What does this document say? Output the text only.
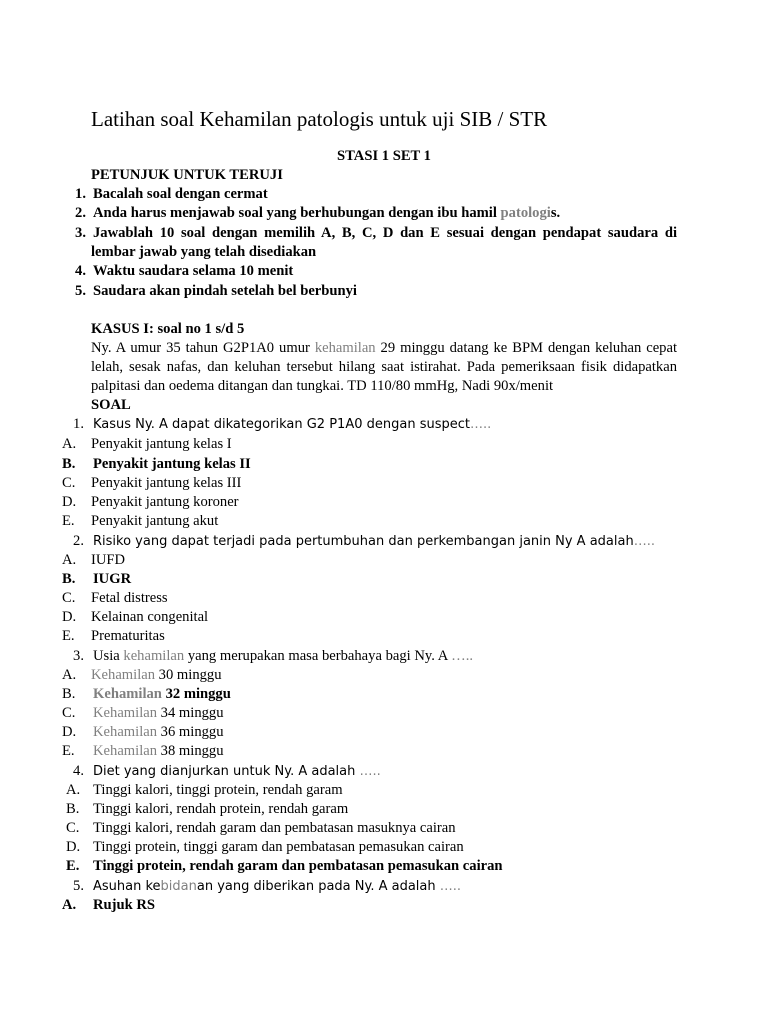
Latihan soal Kehamilan patologis untuk uji SIB / STR
STASI 1 SET 1
PETUNJUK UNTUK TERUJI
1. Bacalah soal dengan cermat
2. Anda harus menjawab soal yang berhubungan dengan ibu hamil patologis.
3. Jawablah 10 soal dengan memilih A, B, C, D dan E sesuai dengan pendapat saudara di
lembar jawab yang telah disediakan
4. Waktu saudara selama 10 menit
5. Saudara akan pindah setelah bel berbunyi
KASUS I: soal no 1 s/d 5
Ny. A umur 35 tahun G2P1A0 umur kehamilan 29 minggu datang ke BPM dengan keluhan cepat
lelah, sesak nafas, dan keluhan tersebut hilang saat istirahat. Pada pemeriksaan fisik didapatkan
palpitasi dan oedema ditangan dan tungkai. TD 110/80 mmHg, Nadi 90x/menit
SOAL
1. Kasus Ny. A dapat dikategorikan G2 P1A0 dengan suspect…..
A. Penyakit jantung kelas I
B. Penyakit jantung kelas II
C. Penyakit jantung kelas III
D. Penyakit jantung koroner
E. Penyakit jantung akut
2. Risiko yang dapat terjadi pada pertumbuhan dan perkembangan janin Ny A adalah…..
A. IUFD
B. IUGR
C. Fetal distress
D. Kelainan congenital
E. Prematuritas
3. Usia kehamilan yang merupakan masa berbahaya bagi Ny. A …..
A. Kehamilan 30 minggu
B. Kehamilan 32 minggu
C. Kehamilan 34 minggu
D. Kehamilan 36 minggu
E. Kehamilan 38 minggu
4. Diet yang dianjurkan untuk Ny. A adalah …..
A. Tinggi kalori, tinggi protein, rendah garam
B. Tinggi kalori, rendah protein, rendah garam
C. Tinggi kalori, rendah garam dan pembatasan masuknya cairan
D. Tinggi protein, tinggi garam dan pembatasan pemasukan cairan
E. Tinggi protein, rendah garam dan pembatasan pemasukan cairan
5. Asuhan kebidanan yang diberikan pada Ny. A adalah …..
A. Rujuk RS
